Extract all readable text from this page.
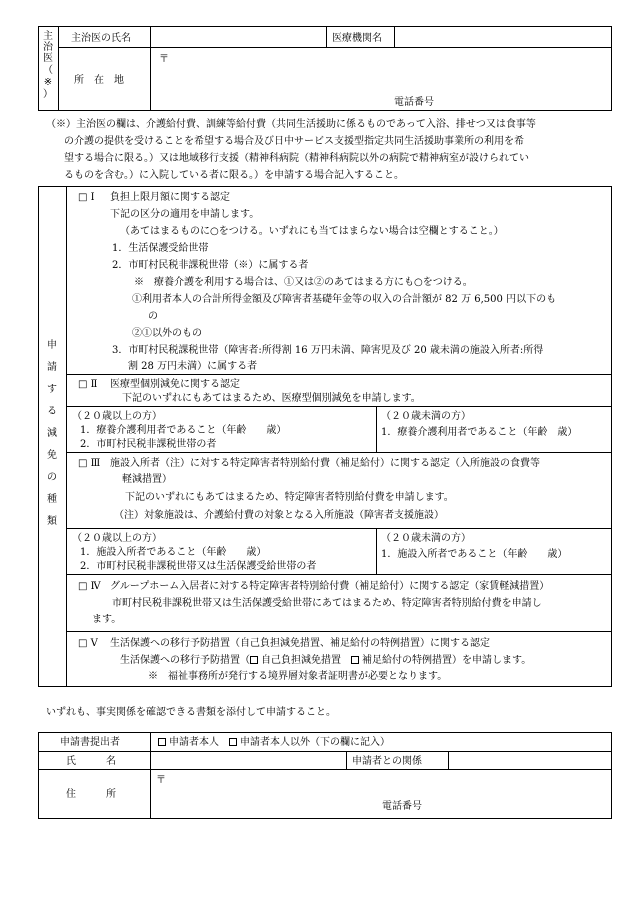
主
治
医
（
※
）
主治医の氏名	医療機関名
所　在　地
〒
電話番号
（※）主治医の欄は、介護給付費、訓練等給付費（共同生活援助に係るものであって入浴、排せつ又は食事等
の介護の提供を受けることを希望する場合及び日中サービス支援型指定共同生活援助事業所の利用を希
望する場合に限る。）又は地域移行支援（精神科病院（精神科病院以外の病院で精神病室が設けられてい
るものを含む。）に入院している者に限る。）を申請する場合記入すること。
申
請
す
る
減
免
の
種
類
□ Ⅰ 負担上限月額に関する認定
下記の区分の適用を申請します。
（あてはまるものに○をつける。いずれにも当てはまらない場合は空欄とすること。）
1．生活保護受給世帯
2．市町村民税非課税世帯（※）に属する者
※　療養介護を利用する場合は、①又は②のあてはまる方にも○をつける。
①利用者本人の合計所得金額及び障害者基礎年金等の収入の合計額が 82 万 6,500 円以下のも
の
②①以外のもの
3．市町村民税課税世帯（障害者:所得割 16 万円未満、障害児及び 20 歳未満の施設入所者:所得
割 28 万円未満）に属する者
□ Ⅱ 医療型個別減免に関する認定
下記のいずれにもあてはまるため、医療型個別減免を申請します。
（２０歳以上の方）
1．療養介護利用者であること（年齢　　歳）
2．市町村民税非課税世帯の者
（２０歳未満の方）
1．療養介護利用者であること（年齢　歳）
□ Ⅲ 施設入所者（注）に対する特定障害者特別給付費（補足給付）に関する認定（入所施設の食費等
軽減措置）
下記のいずれにもあてはまるため、特定障害者特別給付費を申請します。
（注）対象施設は、介護給付費の対象となる入所施設（障害者支援施設）
（２０歳以上の方）
1．施設入所者であること（年齢　　歳）
2．市町村民税非課税世帯又は生活保護受給世帯の者
（２０歳未満の方）
1．施設入所者であること（年齢　　歳）
□ Ⅳ グループホーム入居者に対する特定障害者特別給付費（補足給付）に関する認定（家賃軽減措置）
市町村民税非課税世帯又は生活保護受給世帯にあてはまるため、特定障害者特別給付費を申請し
ます。
□ Ⅴ 生活保護への移行予防措置（自己負担減免措置、補足給付の特例措置）に関する認定
生活保護への移行予防措置（ 自己負担減免措置　 補足給付の特例措置）を申請します。
※　福祉事務所が発行する境界層対象者証明書が必要となります。
いずれも、事実関係を確認できる書類を添付して申請すること。
申請書提出者	申請者本人　 申請者本人以外（下の欄に記入）
氏　　　名	申請者との関係
住　　　所
〒
電話番号
